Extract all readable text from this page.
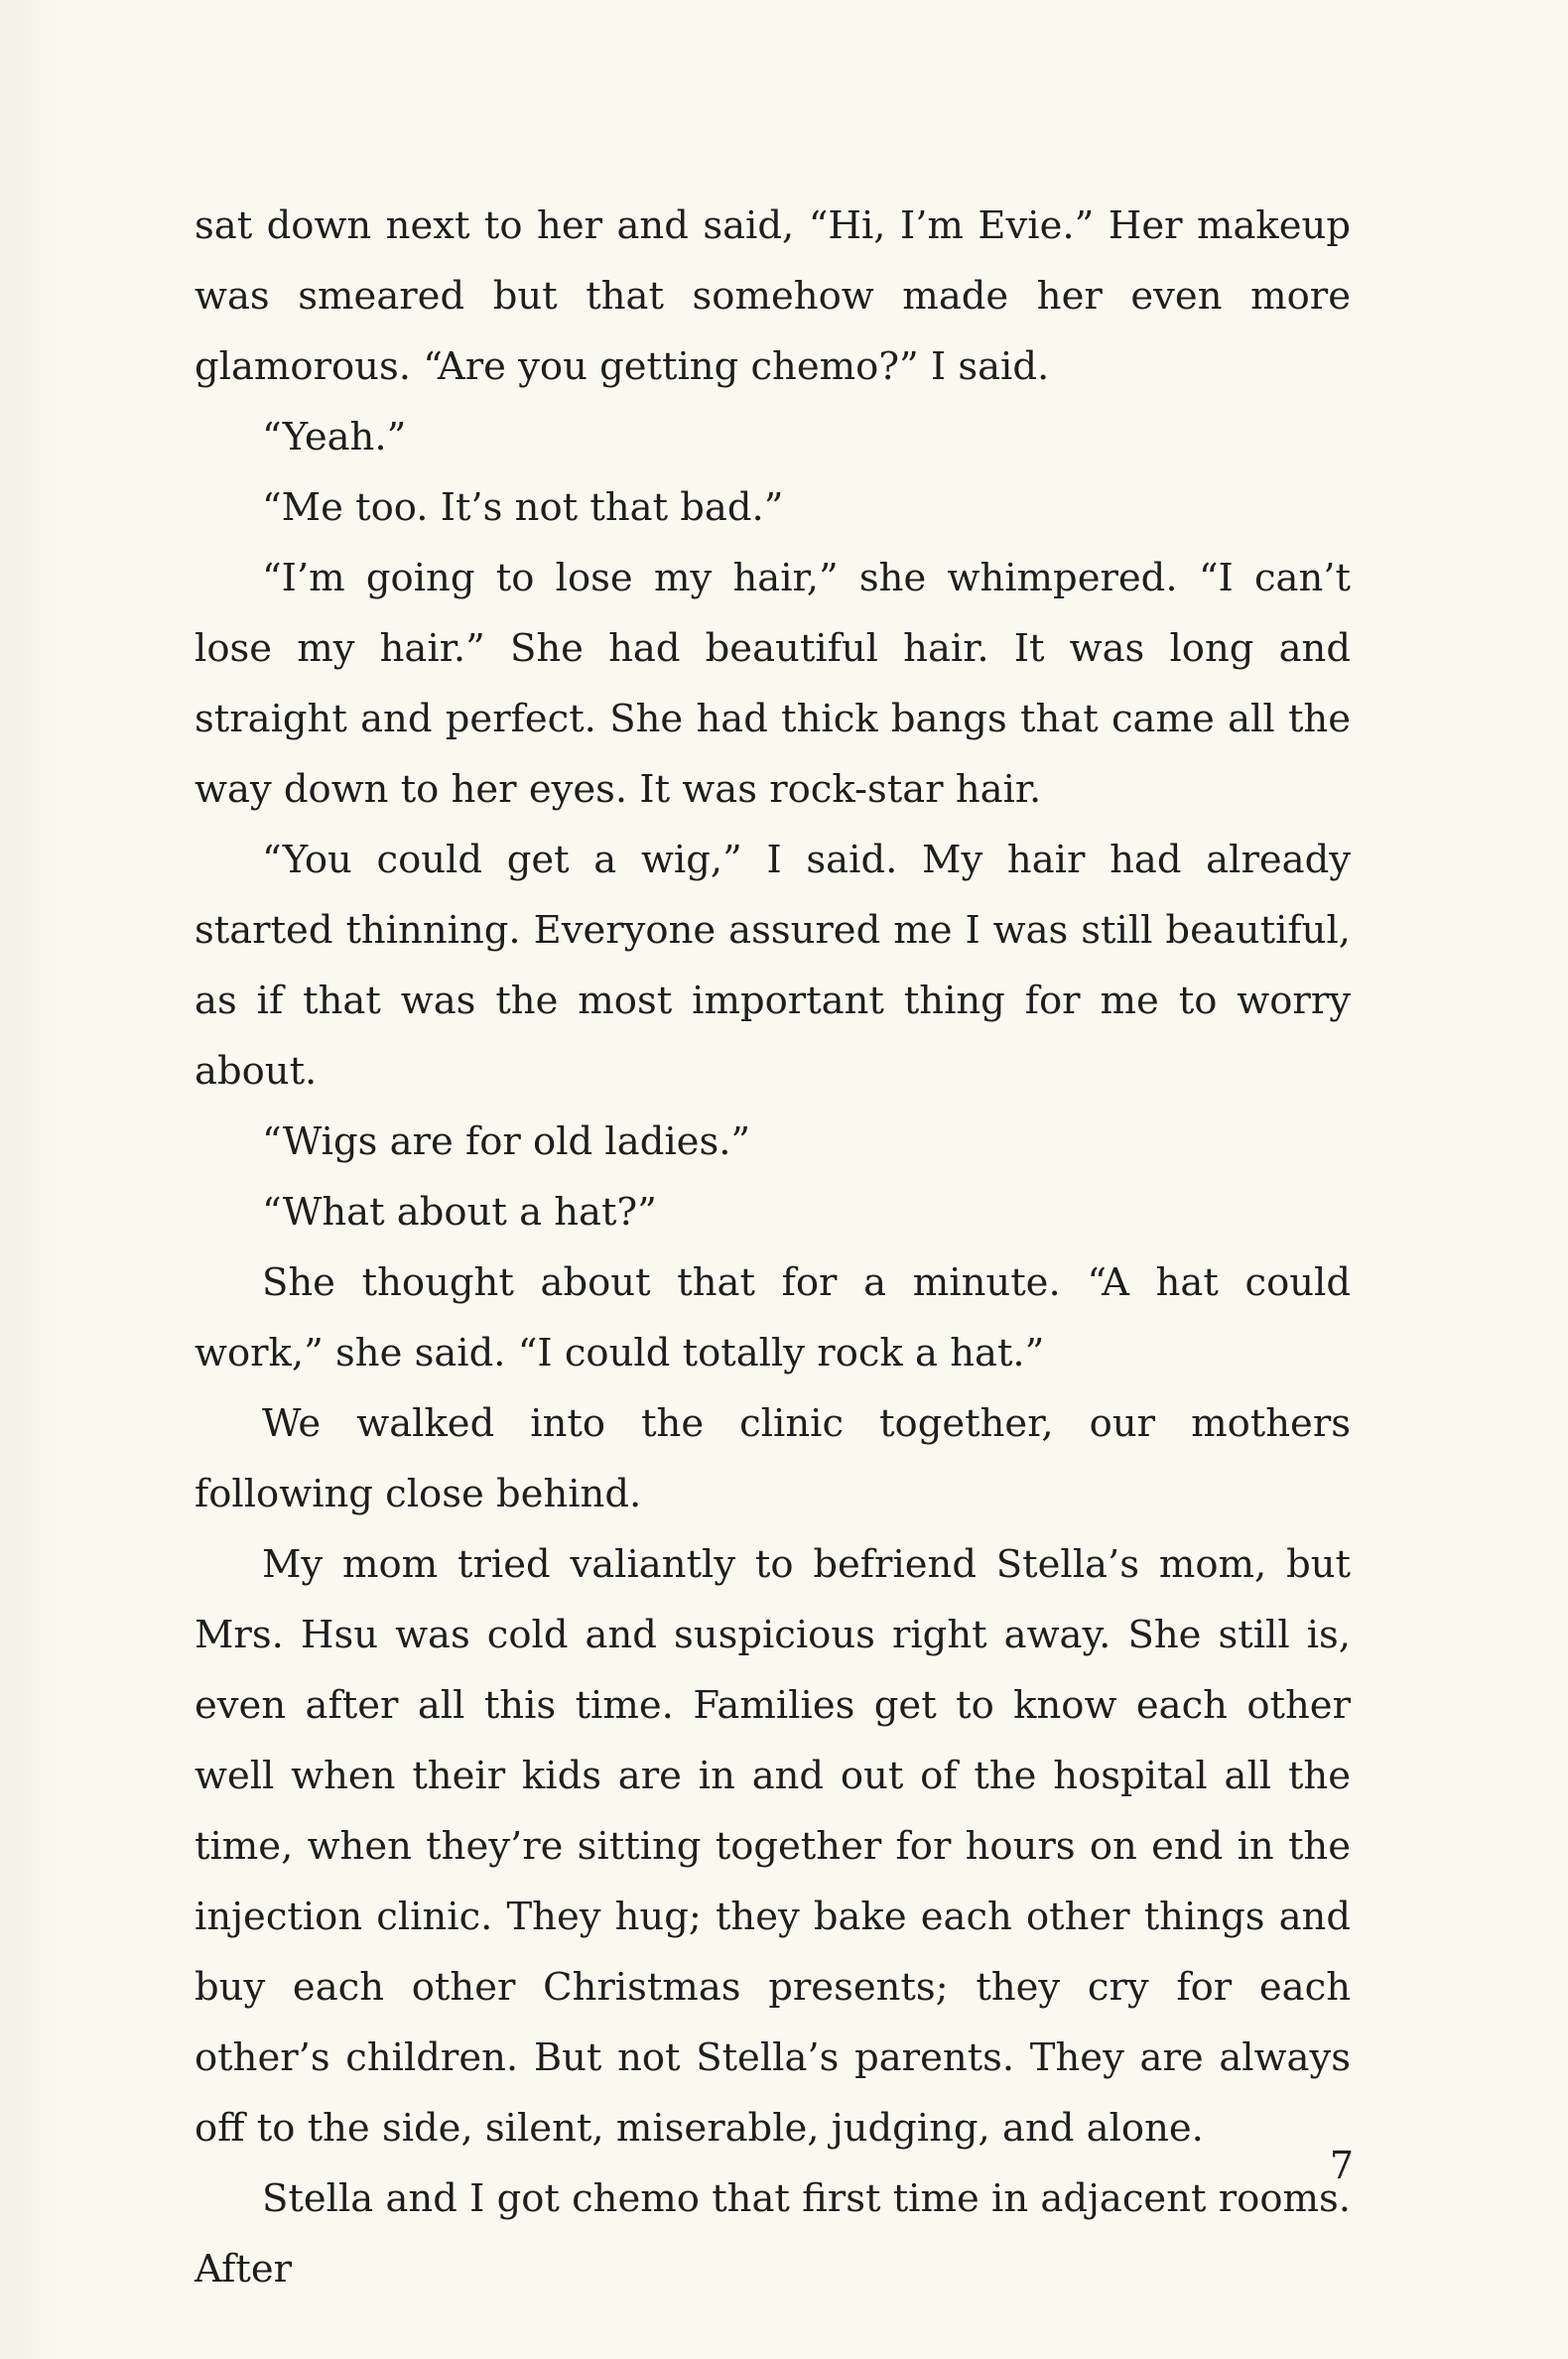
sat down next to her and said, “Hi, I’m Evie.” Her makeup was smeared but that somehow made her even more glamorous. “Are you getting chemo?” I said.

“Yeah.”

“Me too. It’s not that bad.”

“I’m going to lose my hair,” she whimpered. “I can’t lose my hair.” She had beautiful hair. It was long and straight and perfect. She had thick bangs that came all the way down to her eyes. It was rock-star hair.

“You could get a wig,” I said. My hair had already started thinning. Everyone assured me I was still beautiful, as if that was the most important thing for me to worry about.

“Wigs are for old ladies.”

“What about a hat?”

She thought about that for a minute. “A hat could work,” she said. “I could totally rock a hat.”

We walked into the clinic together, our mothers following close behind.

My mom tried valiantly to befriend Stella’s mom, but Mrs. Hsu was cold and suspicious right away. She still is, even after all this time. Families get to know each other well when their kids are in and out of the hospital all the time, when they’re sitting together for hours on end in the injection clinic. They hug; they bake each other things and buy each other Christmas presents; they cry for each other’s children. But not Stella’s parents. They are always off to the side, silent, miserable, judging, and alone.

Stella and I got chemo that first time in adjacent rooms. After

7
